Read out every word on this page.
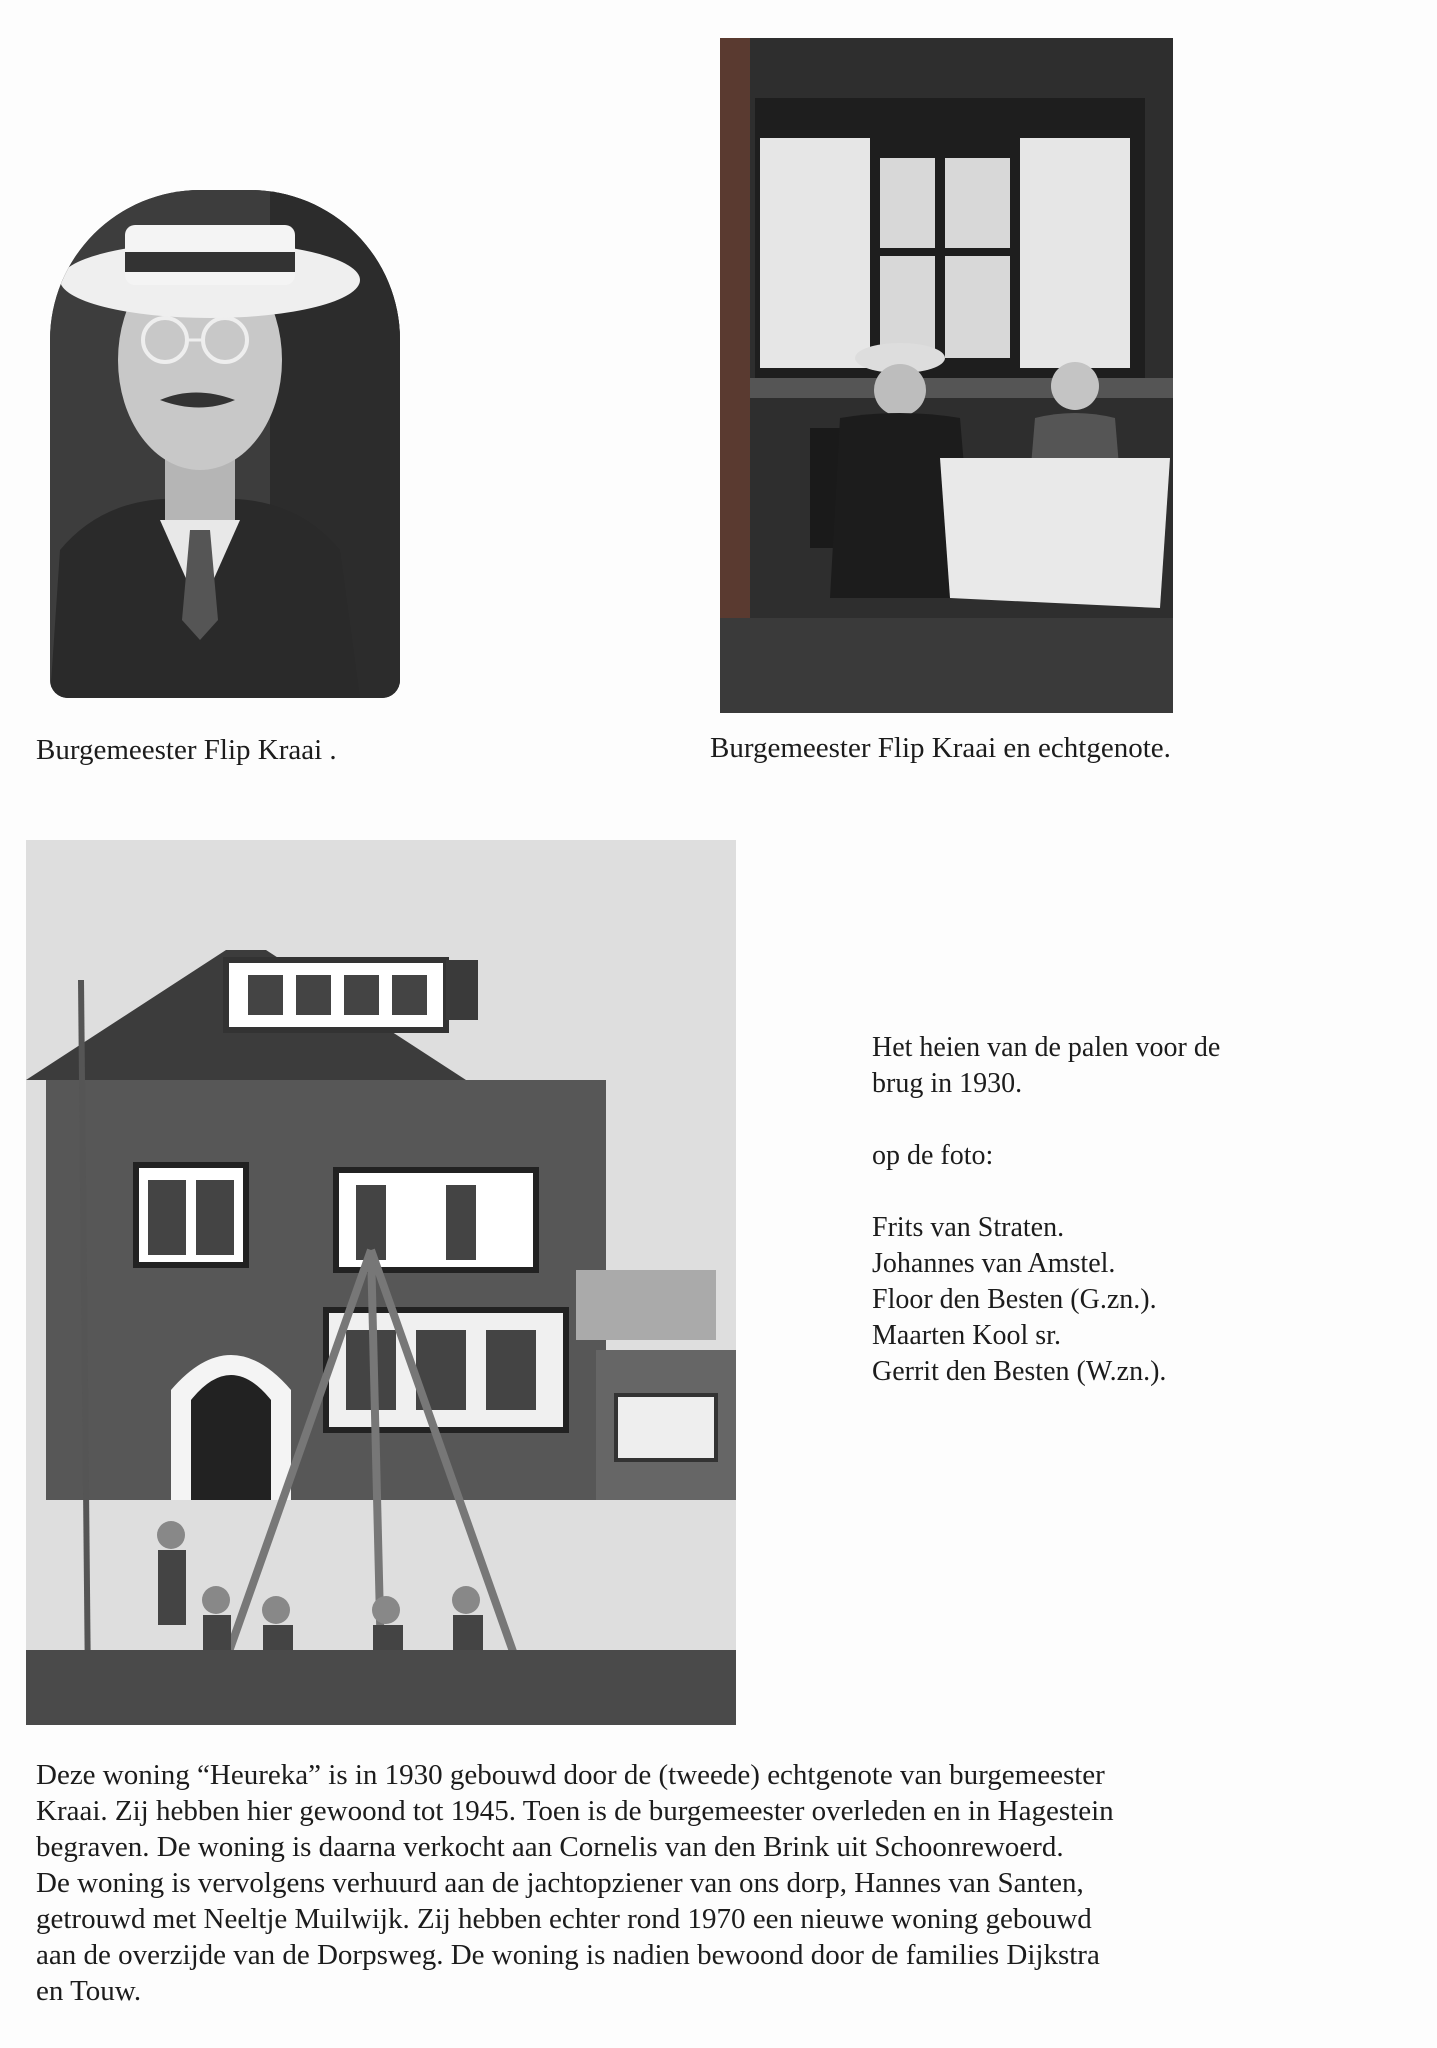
Burgemeester Flip Kraai .	Burgemeester Flip Kraai en echtgenote.

Het heien van de palen voor de

brug in 1930.

op de foto:

Frits van Straten.

Johannes van Amstel.

Floor den Besten (G.zn.).

Maarten Kool sr.

Gerrit den Besten (W.zn.).

Deze woning “Heureka” is in 1930 gebouwd door de (tweede) echtgenote van burgemeester
Kraai. Zij hebben hier gewoond tot 1945. Toen is de burgemeester overleden en in Hagestein
begraven. De woning is daarna verkocht aan Cornelis van den Brink uit Schoonrewoerd.
De woning is vervolgens verhuurd aan de jachtopziener van ons dorp, Hannes van Santen,
getrouwd met Neeltje Muilwijk. Zij hebben echter rond 1970 een nieuwe woning gebouwd
aan de overzijde van de Dorpsweg. De woning is nadien bewoond door de families Dijkstra
en Touw.
